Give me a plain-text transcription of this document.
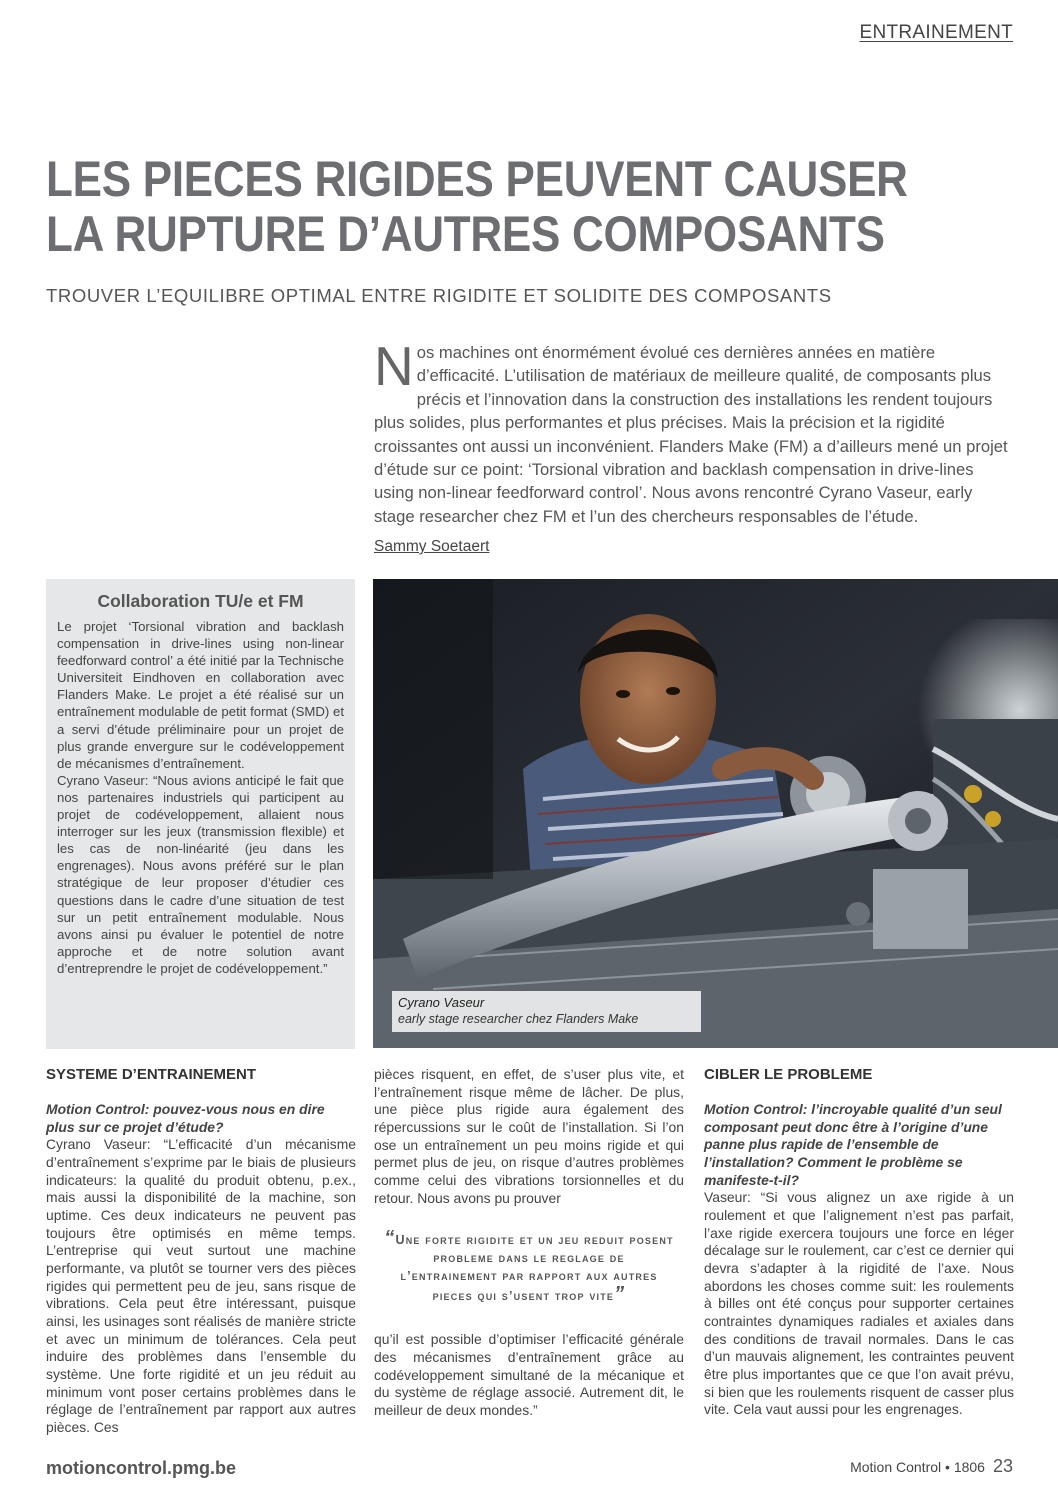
ENTRAINEMENT
LES PIECES RIGIDES PEUVENT CAUSER
LA RUPTURE D’AUTRES COMPOSANTS
TROUVER L’EQUILIBRE OPTIMAL ENTRE RIGIDITE ET SOLIDITE DES COMPOSANTS
Nos machines ont énormément évolué ces dernières années en matière d’efficacité. L’utilisation de matériaux de meilleure qualité, de composants plus précis et l’innovation dans la construction des installations les rendent toujours plus solides, plus performantes et plus précises. Mais la précision et la rigidité croissantes ont aussi un inconvénient. Flanders Make (FM) a d’ailleurs mené un projet d’étude sur ce point: ‘Torsional vibration and backlash compensation in drive-lines using non-linear feedforward control’. Nous avons rencontré Cyrano Vaseur, early stage researcher chez FM et l’un des chercheurs responsables de l’étude.
Sammy Soetaert
Collaboration TU/e et FM

Le projet ‘Torsional vibration and backlash compensation in drive-lines using non-linear feedforward control’ a été initié par la Technische Universiteit Eindhoven en collaboration avec Flanders Make. Le projet a été réalisé sur un entraînement modulable de petit format (SMD) et a servi d’étude préliminaire pour un projet de plus grande envergure sur le codéveloppement de mécanismes d’entraînement.

Cyrano Vaseur: “Nous avions anticipé le fait que nos partenaires industriels qui participent au projet de codéveloppement, allaient nous interroger sur les jeux (transmission flexible) et les cas de non-linéarité (jeu dans les engrenages). Nous avons préféré sur le plan stratégique de leur proposer d’étudier ces questions dans le cadre d’une situation de test sur un petit entraînement modulable. Nous avons ainsi pu évaluer le potentiel de notre approche et de notre solution avant d’entreprendre le projet de codéveloppement.”

Cyrano Vaseur
early stage researcher chez Flanders Make
SYSTEME D’ENTRAINEMENT

Motion Control: pouvez-vous nous en dire plus sur ce projet d’étude?

Cyrano Vaseur: “L’efficacité d’un mécanisme d’entraînement s’exprime par le biais de plusieurs indicateurs: la qualité du produit obtenu, p.ex., mais aussi la disponibilité de la machine, son uptime. Ces deux indicateurs ne peuvent pas toujours être optimisés en même temps. L’entreprise qui veut surtout une machine performante, va plutôt se tourner vers des pièces rigides qui permettent peu de jeu, sans risque de vibrations. Cela peut être intéressant, puisque ainsi, les usinages sont réalisés de manière stricte et avec un minimum de tolérances. Cela peut induire des problèmes dans l’ensemble du système. Une forte rigidité et un jeu réduit au minimum vont poser certains problèmes dans le réglage de l’entraînement par rapport aux autres pièces. Ces

pièces risquent, en effet, de s’user plus vite, et l’entraînement risque même de lâcher. De plus, une pièce plus rigide aura également des répercussions sur le coût de l’installation. Si l’on ose un entraînement un peu moins rigide et qui permet plus de jeu, on risque d’autres problèmes comme celui des vibrations torsionnelles et du retour. Nous avons pu prouver

“Une forte rigidite et un jeu reduit posent probleme dans le reglage de l’entrainement par rapport aux autres pieces qui s’usent trop vite”

qu’il est possible d’optimiser l’efficacité générale des mécanismes d’entraînement grâce au codéveloppement simultané de la mécanique et du système de réglage associé. Autrement dit, le meilleur de deux mondes.”

CIBLER LE PROBLEME

Motion Control: l’incroyable qualité d’un seul composant peut donc être à l’origine d’une panne plus rapide de l’ensemble de l’installation? Comment le problème se manifeste-t-il?

Vaseur: “Si vous alignez un axe rigide à un roulement et que l’alignement n’est pas parfait, l’axe rigide exercera toujours une force en léger décalage sur le roulement, car c’est ce dernier qui devra s’adapter à la rigidité de l’axe. Nous abordons les choses comme suit: les roulements à billes ont été conçus pour supporter certaines contraintes dynamiques radiales et axiales dans des conditions de travail normales. Dans le cas d’un mauvais alignement, les contraintes peuvent être plus importantes que ce que l’on avait prévu, si bien que les roulements risquent de casser plus vite. Cela vaut aussi pour les engrenages.

motioncontrol.pmg.be	Motion Control • 1806 23
